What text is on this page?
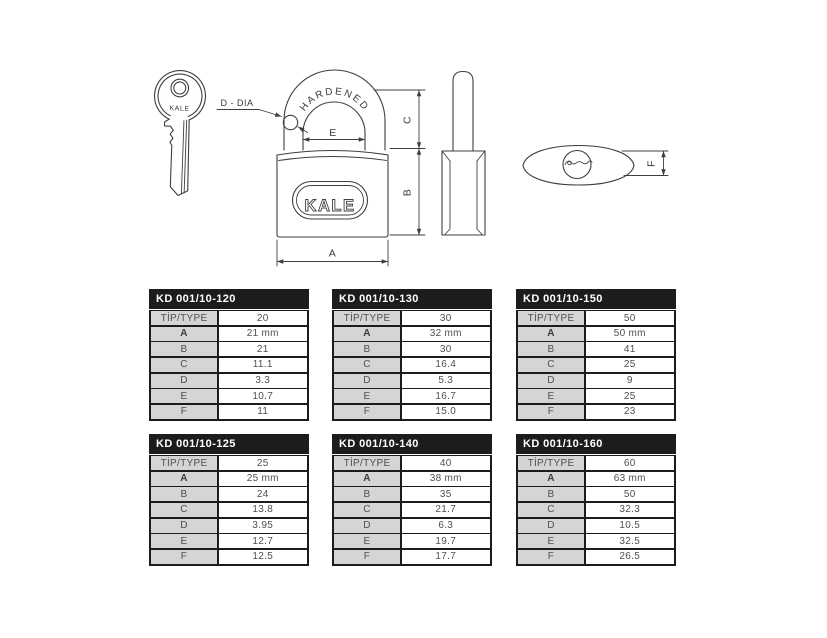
KALE
D - DIA	HARDENED
KALE
E
C
B
A
F
KD 001/10-120
TİP/TYPE	20
A	21 mm
B	21
C	11.1
D	3.3
E	10.7
F	11
KD 001/10-130
TİP/TYPE	30
A	32 mm
B	30
C	16.4
D	5.3
E	16.7
F	15.0
KD 001/10-150
TİP/TYPE	50
A	50 mm
B	41
C	25
D	9
E	25
F	23
KD 001/10-125
TİP/TYPE	25
A	25 mm
B	24
C	13.8
D	3.95
E	12.7
F	12.5
KD 001/10-140
TİP/TYPE	40
A	38 mm
B	35
C	21.7
D	6.3
E	19.7
F	17.7
KD 001/10-160
TİP/TYPE	60
A	63 mm
B	50
C	32.3
D	10.5
E	32.5
F	26.5
